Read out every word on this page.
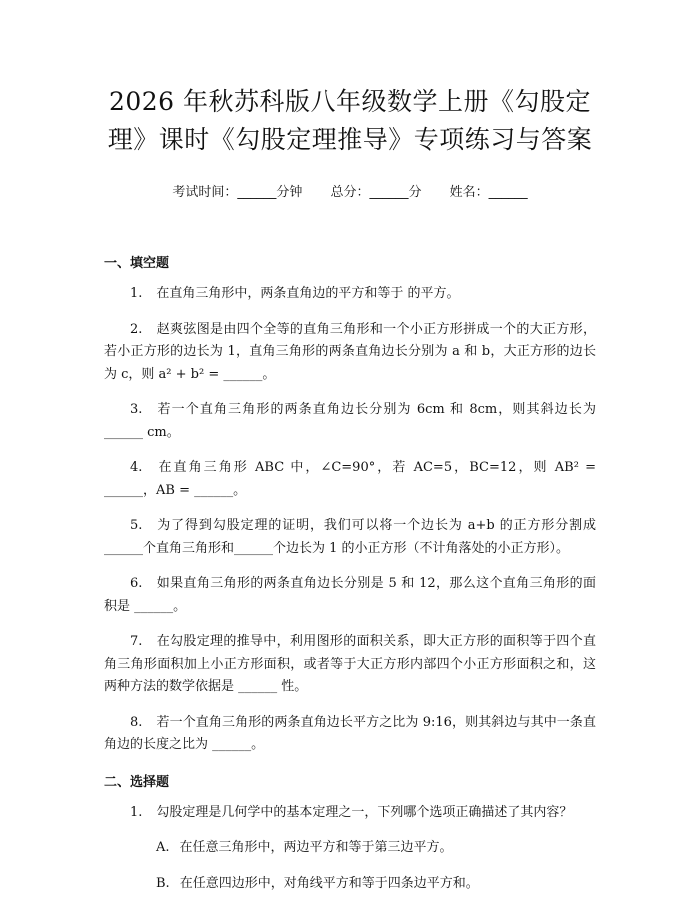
2026 年秋苏科版八年级数学上册《勾股定
理》课时《勾股定理推导》专项练习与答案
考试时间：______分钟 总分：______分 姓名：______
一、填空题

1. 在直角三角形中，两条直角边的平方和等于 的平方。

2. 赵爽弦图是由四个全等的直角三角形和一个小正方形拼成一个的大正方形，若小正方形的边长为 1，直角三角形的两条直角边长分别为 a 和 b，大正方形的边长为 c，则 a² + b² = ______。

3. 若一个直角三角形的两条直角边长分别为 6cm 和 8cm，则其斜边长为 ______ cm。

4. 在直角三角形 ABC 中，∠C=90°，若 AC=5，BC=12，则 AB² = ______，AB = ______。

5. 为了得到勾股定理的证明，我们可以将一个边长为 a+b 的正方形分割成______个直角三角形和______个边长为 1 的小正方形（不计角落处的小正方形）。

6. 如果直角三角形的两条直角边长分别是 5 和 12，那么这个直角三角形的面积是 ______。

7. 在勾股定理的推导中，利用图形的面积关系，即大正方形的面积等于四个直角三角形面积加上小正方形面积，或者等于大正方形内部四个小正方形面积之和，这两种方法的数学依据是 ______ 性。

8. 若一个直角三角形的两条直角边长平方之比为 9:16，则其斜边与其中一条直角边的长度之比为 ______。

二、选择题

1. 勾股定理是几何学中的基本定理之一，下列哪个选项正确描述了其内容？

A. 在任意三角形中，两边平方和等于第三边平方。
B. 在任意四边形中，对角线平方和等于四条边平方和。
